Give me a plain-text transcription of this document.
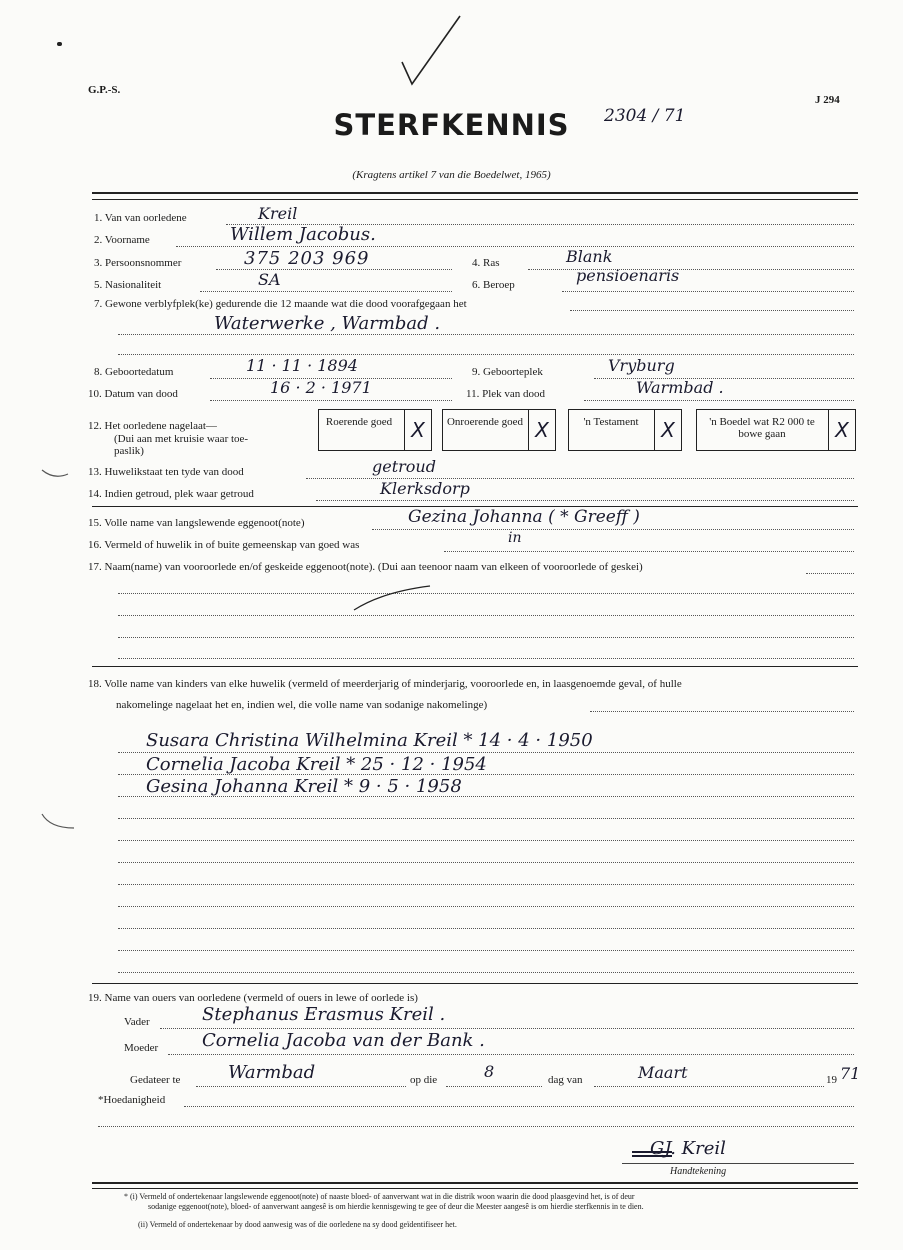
G.P.-S.
J 294
STERFKENNIS	2304 / 71
(Kragtens artikel 7 van die Boedelwet, 1965)
1. Van van oorledene	Kreil
2. Voorname	Willem Jacobus.
3. Persoonsnommer	375 203 969	4. Ras	Blank
5. Nasionaliteit	SA	6. Beroep	pensioenaris
7. Gewone verblyfplek(ke) gedurende die 12 maande wat die dood voorafgegaan het
Waterwerke , Warmbad .
8. Geboortedatum	11 · 11 · 1894	9. Geboorteplek	Vryburg
10. Datum van dood	16 · 2 · 1971	11. Plek van dood	Warmbad .
12. Het oorledene nagelaat—
(Dui aan met kruisie waar toe-
paslik)
Roerende goed X	Onroerende goed X	'n Testament	X	'n Boedel wat R2 000 te bowe gaan	X
13. Huwelikstaat ten tyde van dood	getroud
14. Indien getroud, plek waar getroud	Klerksdorp
15. Volle name van langslewende eggenoot(note)	Gezina Johanna ( * Greeff )
16. Vermeld of huwelik in of buite gemeenskap van goed was	in
17. Naam(name) van vooroorlede en/of geskeide eggenoot(note). (Dui aan teenoor naam van elkeen of vooroorlede of geskei)
18. Volle name van kinders van elke huwelik (vermeld of meerderjarig of minderjarig, vooroorlede en, in laasgenoemde geval, of hulle
nakomelinge nagelaat het en, indien wel, die volle name van sodanige nakomelinge)
Susara Christina Wilhelmina Kreil * 14 · 4 · 1950
Cornelia Jacoba Kreil * 25 · 12 · 1954
Gesina Johanna Kreil * 9 · 5 · 1958
19. Name van ouers van oorledene (vermeld of ouers in lewe of oorlede is)
Vader	Stephanus Erasmus Kreil .
Moeder Cornelia Jacoba van der Bank .
Gedateer te	Warmbad	op die	8	dag van	Maart	19 71
*Hoedanigheid
GJ. Kreil
Handtekening
* (i) Vermeld of ondertekenaar langslewende eggenoot(note) of naaste bloed- of aanverwant wat in die distrik woon waarin die dood plaasgevind het, is of deur
sodanige eggenoot(note), bloed- of aanverwant aangesê is om hierdie kennisgewing te gee of deur die Meester aangesê is om hierdie sterfkennis in te dien.
(ii) Vermeld of ondertekenaar by dood aanwesig was of die oorledene na sy dood geïdentifiseer het.
